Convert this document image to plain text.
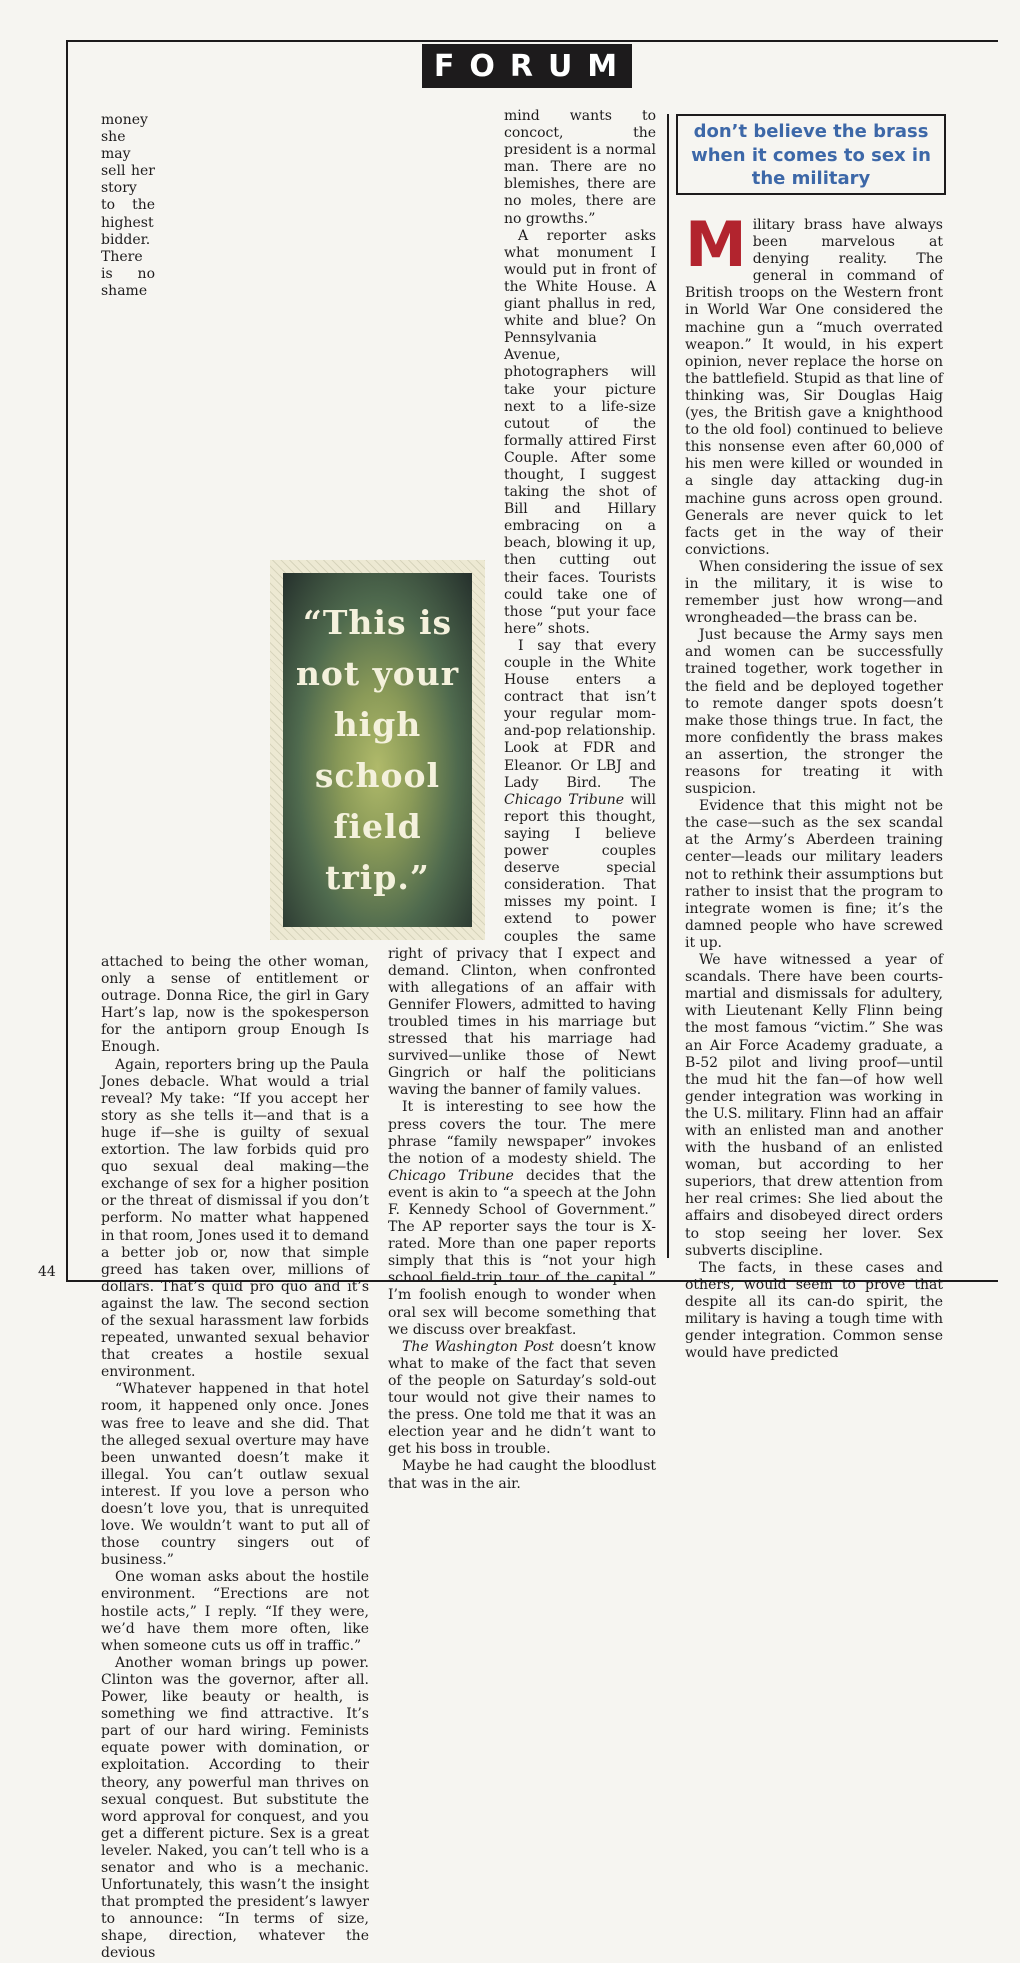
FORUM

money she may sell her story to the highest bidder. There is no shame attached to being the other woman, only a sense of entitlement or outrage. Donna Rice, the girl in Gary Hart’s lap, now is the spokesperson for the antiporn group Enough Is Enough.

Again, reporters bring up the Paula Jones debacle. What would a trial reveal? My take: “If you accept her story as she tells it—and that is a huge if—she is guilty of sexual extortion. The law forbids quid pro quo sexual deal making—the exchange of sex for a higher position or the threat of dismissal if you don’t perform. No matter what happened in that room, Jones used it to demand a better job or, now that simple greed has taken over, millions of dollars. That’s quid pro quo and it’s against the law. The second section of the sexual harassment law forbids repeated, unwanted sexual behavior that creates a hostile sexual environment.

“Whatever happened in that hotel room, it happened only once. Jones was free to leave and she did. That the alleged sexual overture may have been unwanted doesn’t make it illegal. You can’t outlaw sexual interest. If you love a person who doesn’t love you, that is unrequited love. We wouldn’t want to put all of those country singers out of business.”

One woman asks about the hostile environment. “Erections are not hostile acts,” I reply. “If they were, we’d have them more often, like when someone cuts us off in traffic.”

Another woman brings up power. Clinton was the governor, after all. Power, like beauty or health, is something we find attractive. It’s part of our hard wiring. Feminists equate power with domination, or exploitation. According to their theory, any powerful man thrives on sexual conquest. But substitute the word approval for conquest, and you get a different picture. Sex is a great leveler. Naked, you can’t tell who is a senator and who is a mechanic. Unfortunately, this wasn’t the insight that prompted the president’s lawyer to announce: “In terms of size, shape, direction, whatever the devious

mind wants to concoct, the president is a normal man. There are no blemishes, there are no moles, there are no growths.”

A reporter asks what monument I would put in front of the White House. A giant phallus in red, white and blue? On Pennsylvania Avenue, photographers will take your picture next to a life-size cutout of the formally attired First Couple. After some thought, I suggest taking the shot of Bill and Hillary embracing on a beach, blowing it up, then cutting out their faces. Tourists could take one of those “put your face here” shots.

I say that every couple in the White House enters a contract that isn’t your regular mom-and-pop relationship. Look at FDR and Eleanor. Or LBJ and Lady Bird. The Chicago Tribune will report this thought, saying I believe power couples deserve special consideration. That misses my point. I extend to power couples the same right of privacy that I expect and demand. Clinton, when confronted with allegations of an affair with Gennifer Flowers, admitted to having troubled times in his marriage but stressed that his marriage had survived—unlike those of Newt Gingrich or half the politicians waving the banner of family values.

It is interesting to see how the press covers the tour. The mere phrase “family newspaper” invokes the notion of a modesty shield. The Chicago Tribune decides that the event is akin to “a speech at the John F. Kennedy School of Government.” The AP reporter says the tour is X-rated. More than one paper reports simply that this is “not your high school field-trip tour of the capital.” I’m foolish enough to wonder when oral sex will become something that we discuss over breakfast.

The Washington Post doesn’t know what to make of the fact that seven of the people on Saturday’s sold-out tour would not give their names to the press. One told me that it was an election year and he didn’t want to get his boss in trouble.

Maybe he had caught the bloodlust that was in the air.

“This is not your high school field trip.”
don’t believe the brass when it comes to sex in the military

Military brass have always been marvelous at denying reality. The general in command of British troops on the Western front in World War One considered the machine gun a “much overrated weapon.” It would, in his expert opinion, never replace the horse on the battlefield. Stupid as that line of thinking was, Sir Douglas Haig (yes, the British gave a knighthood to the old fool) continued to believe this nonsense even after 60,000 of his men were killed or wounded in a single day attacking dug-in machine guns across open ground. Generals are never quick to let facts get in the way of their convictions.

When considering the issue of sex in the military, it is wise to remember just how wrong—and wrongheaded—the brass can be.

Just because the Army says men and women can be successfully trained together, work together in the field and be deployed together to remote danger spots doesn’t make those things true. In fact, the more confidently the brass makes an assertion, the stronger the reasons for treating it with suspicion.

Evidence that this might not be the case—such as the sex scandal at the Army’s Aberdeen training center—leads our military leaders not to rethink their assumptions but rather to insist that the program to integrate women is fine; it’s the damned people who have screwed it up.

We have witnessed a year of scandals. There have been courts-martial and dismissals for adultery, with Lieutenant Kelly Flinn being the most famous “victim.” She was an Air Force Academy graduate, a B-52 pilot and living proof—until the mud hit the fan—of how well gender integration was working in the U.S. military. Flinn had an affair with an enlisted man and another with the husband of an enlisted woman, but according to her superiors, that drew attention from her real crimes: She lied about the affairs and disobeyed direct orders to stop seeing her lover. Sex subverts discipline.

The facts, in these cases and others, would seem to prove that despite all its can-do spirit, the military is having a tough time with gender integration. Common sense would have predicted

44
